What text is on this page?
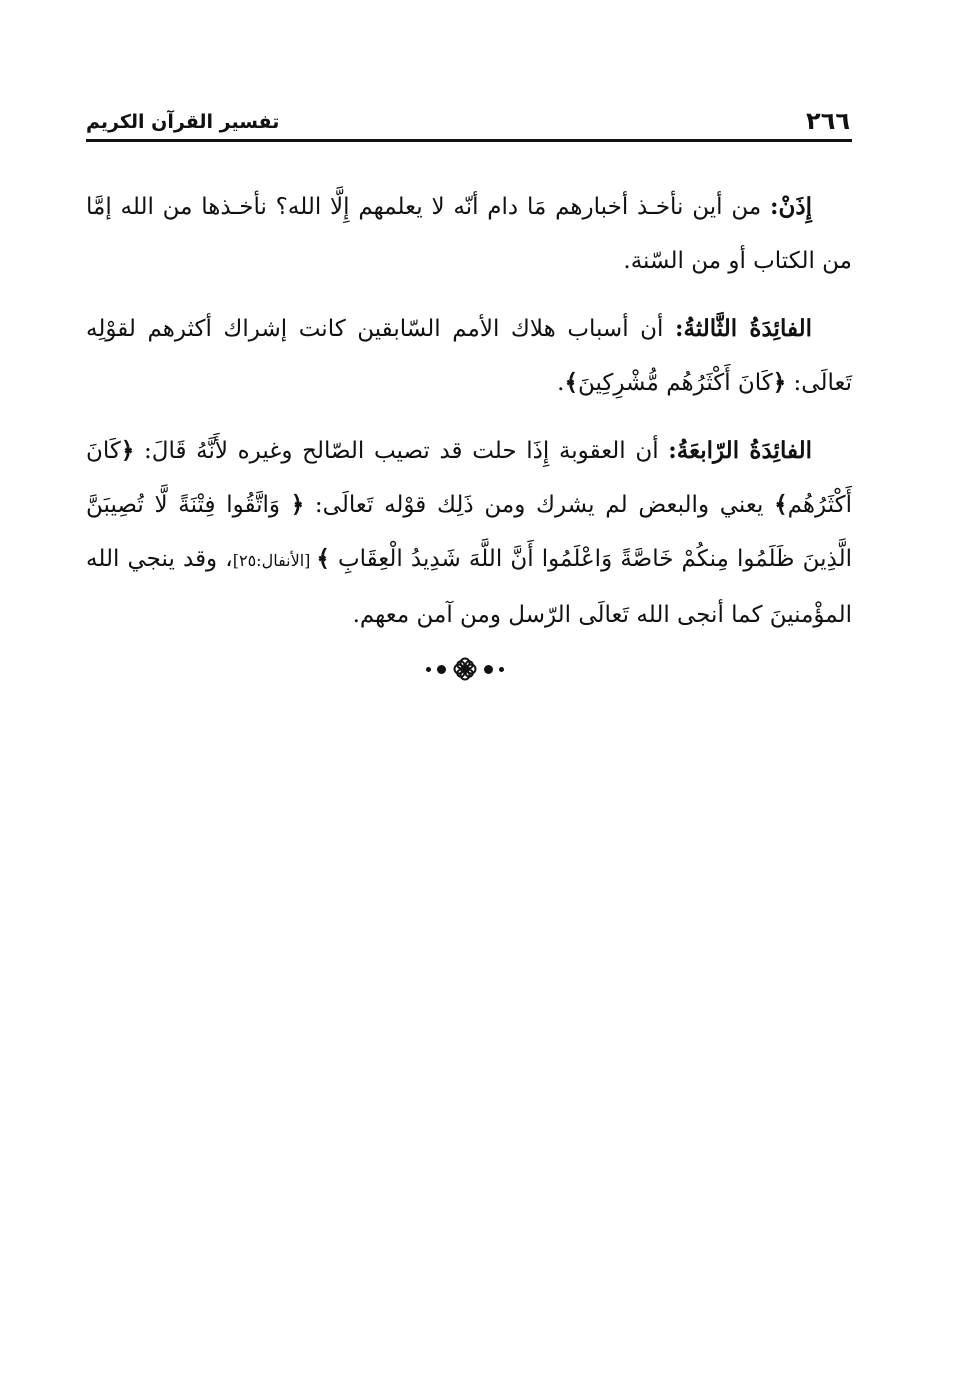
٢٦٦
تفسير القرآن الكريم

إِذَنْ: من أين نأخـذ أخبارهم مَا دام أنّه لا يعلمهم إِلَّا الله؟ نأخـذها من الله إمَّا من الكتاب أو من السّنة.

الفائِدَةُ الثَّالثةُ: أن أسباب هلاك الأمم السّابقين كانت إشراك أكثرهم لقوْلِه تَعالَى: ﴿كَانَ أَكْثَرُهُم مُّشْرِكِينَ﴾.

الفائِدَةُ الرّابعَةُ: أن العقوبة إِذَا حلت قد تصيب الصّالح وغيره لأَنَّهُ قَالَ: ﴿كَانَ أَكْثَرُهُم﴾ يعني والبعض لم يشرك ومن ذَلِك قوْله تَعالَى: ﴿ وَاتَّقُوا فِتْنَةً لَّا تُصِيبَنَّ الَّذِينَ ظَلَمُوا مِنكُمْ خَاصَّةً وَاعْلَمُوا أَنَّ اللَّهَ شَدِيدُ الْعِقَابِ ﴾ [الأنفال:٢٥]، وقد ينجي الله المؤْمنينَ كما أنجى الله تَعالَى الرّسل ومن آمن معهم.
